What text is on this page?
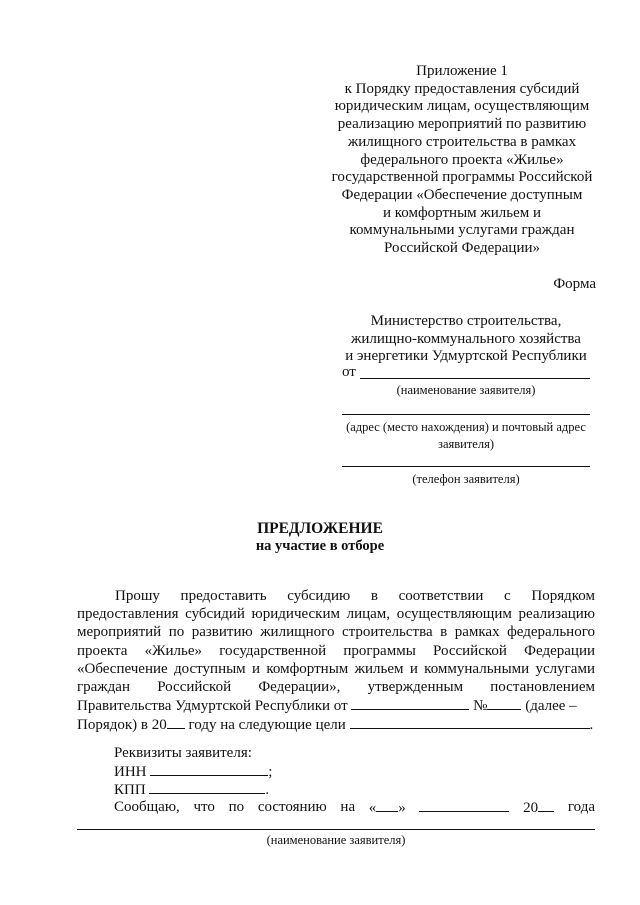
Приложение 1
к Порядку предоставления субсидий
юридическим лицам, осуществляющим
реализацию мероприятий по развитию
жилищного строительства в рамках
федерального проекта «Жилье»
государственной программы Российской
Федерации «Обеспечение доступным
и комфортным жильем и
коммунальными услугами граждан
Российской Федерации»
Форма
Министерство строительства,
жилищно-коммунального хозяйства
и энергетики Удмуртской Республики
от
(наименование заявителя)
(адрес (место нахождения) и почтовый адрес
заявителя)
(телефон заявителя)
ПРЕДЛОЖЕНИЕ
на участие в отборе
Прошу предоставить субсидию в соответствии с Порядком
предоставления субсидий юридическим лицам, осуществляющим реализацию
мероприятий по развитию жилищного строительства в рамках федерального
проекта «Жилье» государственной программы Российской Федерации
«Обеспечение доступным и комфортным жильем и коммунальными услугами
граждан Российской Федерации», утвержденным постановлением
Правительства Удмуртской Республики от	№	(далее –
Порядок) в 20 году на следующие цели	.
Реквизиты заявителя:
ИНН	;
КПП	.
Сообщаю, что по состоянию на « »	20	года
(наименование заявителя)
